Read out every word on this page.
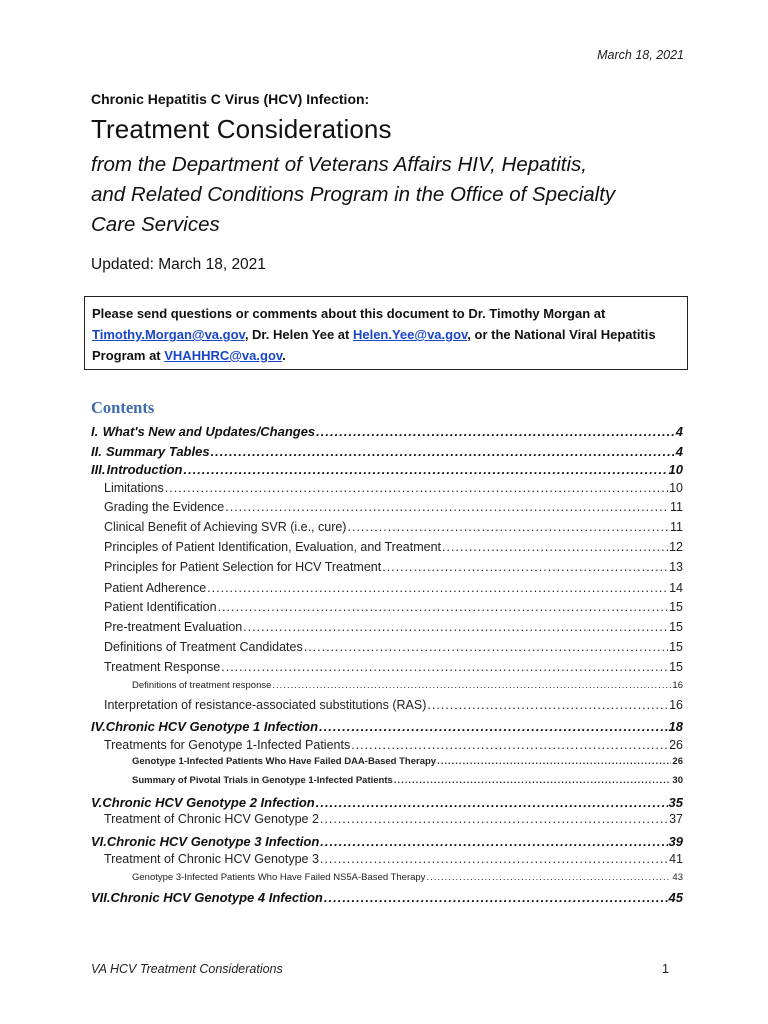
March 18, 2021
Chronic Hepatitis C Virus (HCV) Infection:
Treatment Considerations
from the Department of Veterans Affairs HIV, Hepatitis,
and Related Conditions Program in the Office of Specialty
Care Services
Updated: March 18, 2021
Please send questions or comments about this document to Dr. Timothy Morgan at
Timothy.Morgan@va.gov, Dr. Helen Yee at Helen.Yee@va.gov, or the National Viral Hepatitis
Program at VHAHHRC@va.gov.
Contents
I. What's New and Updates/Changes .....	4
II. Summary Tables .....	4
III. Introduction .....	10
Limitations .....	10
Grading the Evidence .....	11
Clinical Benefit of Achieving SVR (i.e., cure) .....	11
Principles of Patient Identification, Evaluation, and Treatment .....	12
Principles for Patient Selection for HCV Treatment .....	13
Patient Adherence .....	14
Patient Identification .....	15
Pre-treatment Evaluation .....	15
Definitions of Treatment Candidates .....	15
Treatment Response .....	15
Definitions of treatment response .....	16
Interpretation of resistance-associated substitutions (RAS) .....	16
IV. Chronic HCV Genotype 1 Infection .....	18
Treatments for Genotype 1-Infected Patients .....	26
Genotype 1-Infected Patients Who Have Failed DAA-Based Therapy .....	26
Summary of Pivotal Trials in Genotype 1-Infected Patients .....	30
V. Chronic HCV Genotype 2 Infection .....	35
Treatment of Chronic HCV Genotype 2 .....	37
VI. Chronic HCV Genotype 3 Infection .....	39
Treatment of Chronic HCV Genotype 3 .....	41
Genotype 3-Infected Patients Who Have Failed NS5A-Based Therapy .....	43
VII. Chronic HCV Genotype 4 Infection .....	45
VA HCV Treatment Considerations	1
